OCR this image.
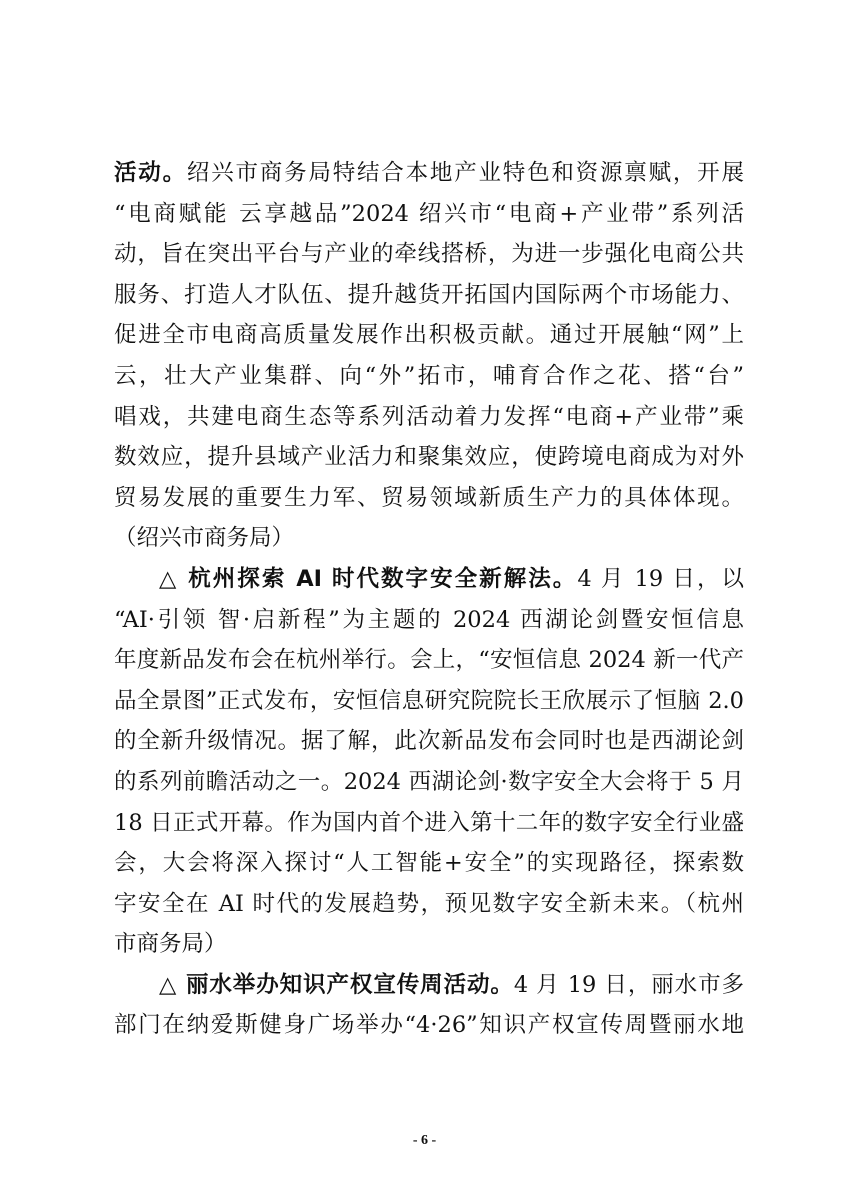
活动。绍兴市商务局特结合本地产业特色和资源禀赋，开展
“电商赋能 云享越品”2024 绍兴市“电商+产业带”系列活
动，旨在突出平台与产业的牵线搭桥，为进一步强化电商公共
服务、打造人才队伍、提升越货开拓国内国际两个市场能力、
促进全市电商高质量发展作出积极贡献。通过开展触“网”上
云，壮大产业集群、向“外”拓市，哺育合作之花、搭“台”
唱戏，共建电商生态等系列活动着力发挥“电商+产业带”乘
数效应，提升县域产业活力和聚集效应，使跨境电商成为对外
贸易发展的重要生力军、贸易领域新质生产力的具体体现。
（绍兴市商务局）

△ 杭州探索 AI 时代数字安全新解法。4 月 19 日，以
“AI·引领 智·启新程”为主题的 2024 西湖论剑暨安恒信息
年度新品发布会在杭州举行。会上，“安恒信息 2024 新一代产
品全景图”正式发布，安恒信息研究院院长王欣展示了恒脑 2.0
的全新升级情况。据了解，此次新品发布会同时也是西湖论剑
的系列前瞻活动之一。2024 西湖论剑·数字安全大会将于 5 月
18 日正式开幕。作为国内首个进入第十二年的数字安全行业盛
会，大会将深入探讨“人工智能+安全”的实现路径，探索数
字安全在 AI 时代的发展趋势，预见数字安全新未来。（杭州
市商务局）

△ 丽水举办知识产权宣传周活动。4 月 19 日，丽水市多
部门在纳爱斯健身广场举办“4·26”知识产权宣传周暨丽水地

- 6 -
